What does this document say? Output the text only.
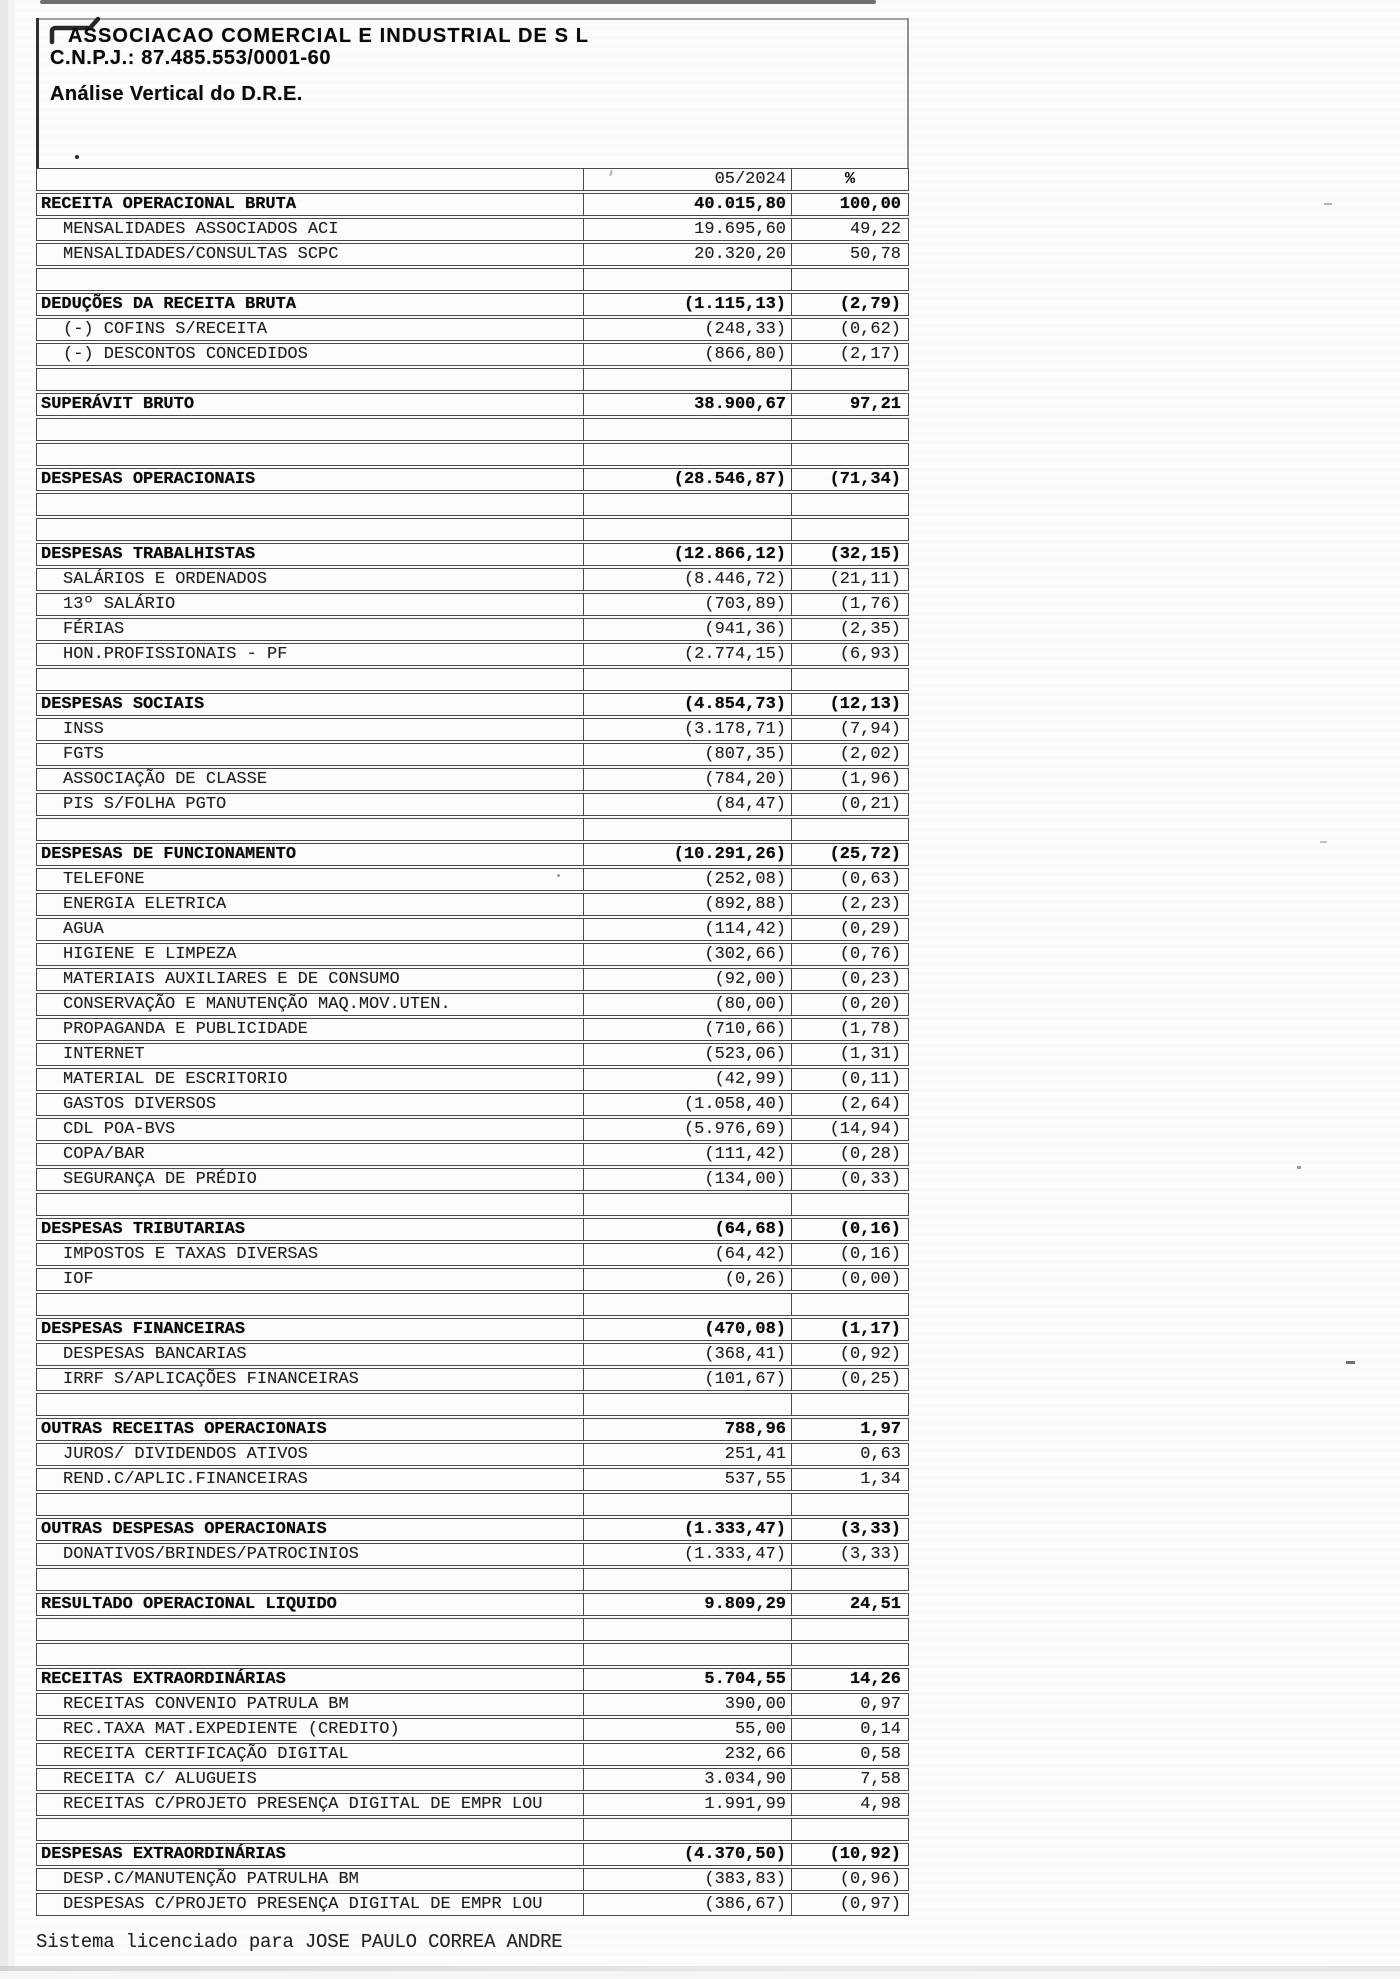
ASSOCIACAO COMERCIAL E INDUSTRIAL DE S L
C.N.P.J.: 87.485.553/0001-60
Análise Vertical do D.R.E.
05/2024	%
RECEITA OPERACIONAL BRUTA	40.015,80	100,00
MENSALIDADES ASSOCIADOS ACI	19.695,60	49,22
MENSALIDADES/CONSULTAS SCPC	20.320,20	50,78
DEDUÇÕES DA RECEITA BRUTA	(1.115,13)	(2,79)
(-) COFINS S/RECEITA	(248,33)	(0,62)
(-) DESCONTOS CONCEDIDOS	(866,80)	(2,17)
SUPERÁVIT BRUTO	38.900,67	97,21
DESPESAS OPERACIONAIS	(28.546,87)	(71,34)
DESPESAS TRABALHISTAS	(12.866,12)	(32,15)
SALÁRIOS E ORDENADOS	(8.446,72)	(21,11)
13º SALÁRIO	(703,89)	(1,76)
FÉRIAS	(941,36)	(2,35)
HON.PROFISSIONAIS - PF	(2.774,15)	(6,93)
DESPESAS SOCIAIS	(4.854,73)	(12,13)
INSS	(3.178,71)	(7,94)
FGTS	(807,35)	(2,02)
ASSOCIAÇÃO DE CLASSE	(784,20)	(1,96)
PIS S/FOLHA PGTO	(84,47)	(0,21)
DESPESAS DE FUNCIONAMENTO	(10.291,26)	(25,72)
TELEFONE	(252,08)	(0,63)
ENERGIA ELETRICA	(892,88)	(2,23)
AGUA	(114,42)	(0,29)
HIGIENE E LIMPEZA	(302,66)	(0,76)
MATERIAIS AUXILIARES E DE CONSUMO	(92,00)	(0,23)
CONSERVAÇÃO E MANUTENÇÃO MAQ.MOV.UTEN.	(80,00)	(0,20)
PROPAGANDA E PUBLICIDADE	(710,66)	(1,78)
INTERNET	(523,06)	(1,31)
MATERIAL DE ESCRITORIO	(42,99)	(0,11)
GASTOS DIVERSOS	(1.058,40)	(2,64)
CDL POA-BVS	(5.976,69)	(14,94)
COPA/BAR	(111,42)	(0,28)
SEGURANÇA DE PRÉDIO	(134,00)	(0,33)
DESPESAS TRIBUTARIAS	(64,68)	(0,16)
IMPOSTOS E TAXAS DIVERSAS	(64,42)	(0,16)
IOF	(0,26)	(0,00)
DESPESAS FINANCEIRAS	(470,08)	(1,17)
DESPESAS BANCARIAS	(368,41)	(0,92)
IRRF S/APLICAÇÕES FINANCEIRAS	(101,67)	(0,25)
OUTRAS RECEITAS OPERACIONAIS	788,96	1,97
JUROS/ DIVIDENDOS ATIVOS	251,41	0,63
REND.C/APLIC.FINANCEIRAS	537,55	1,34
OUTRAS DESPESAS OPERACIONAIS	(1.333,47)	(3,33)
DONATIVOS/BRINDES/PATROCINIOS	(1.333,47)	(3,33)
RESULTADO OPERACIONAL LIQUIDO	9.809,29	24,51
RECEITAS EXTRAORDINÁRIAS	5.704,55	14,26
RECEITAS CONVENIO PATRULA BM	390,00	0,97
REC.TAXA MAT.EXPEDIENTE (CREDITO)	55,00	0,14
RECEITA CERTIFICAÇÃO DIGITAL	232,66	0,58
RECEITA C/ ALUGUEIS	3.034,90	7,58
RECEITAS C/PROJETO PRESENÇA DIGITAL DE EMPR LOU	1.991,99	4,98
DESPESAS EXTRAORDINÁRIAS	(4.370,50)	(10,92)
DESP.C/MANUTENÇÃO PATRULHA BM	(383,83)	(0,96)
DESPESAS C/PROJETO PRESENÇA DIGITAL DE EMPR LOU	(386,67)	(0,97)
Sistema licenciado para JOSE PAULO CORREA ANDRE
